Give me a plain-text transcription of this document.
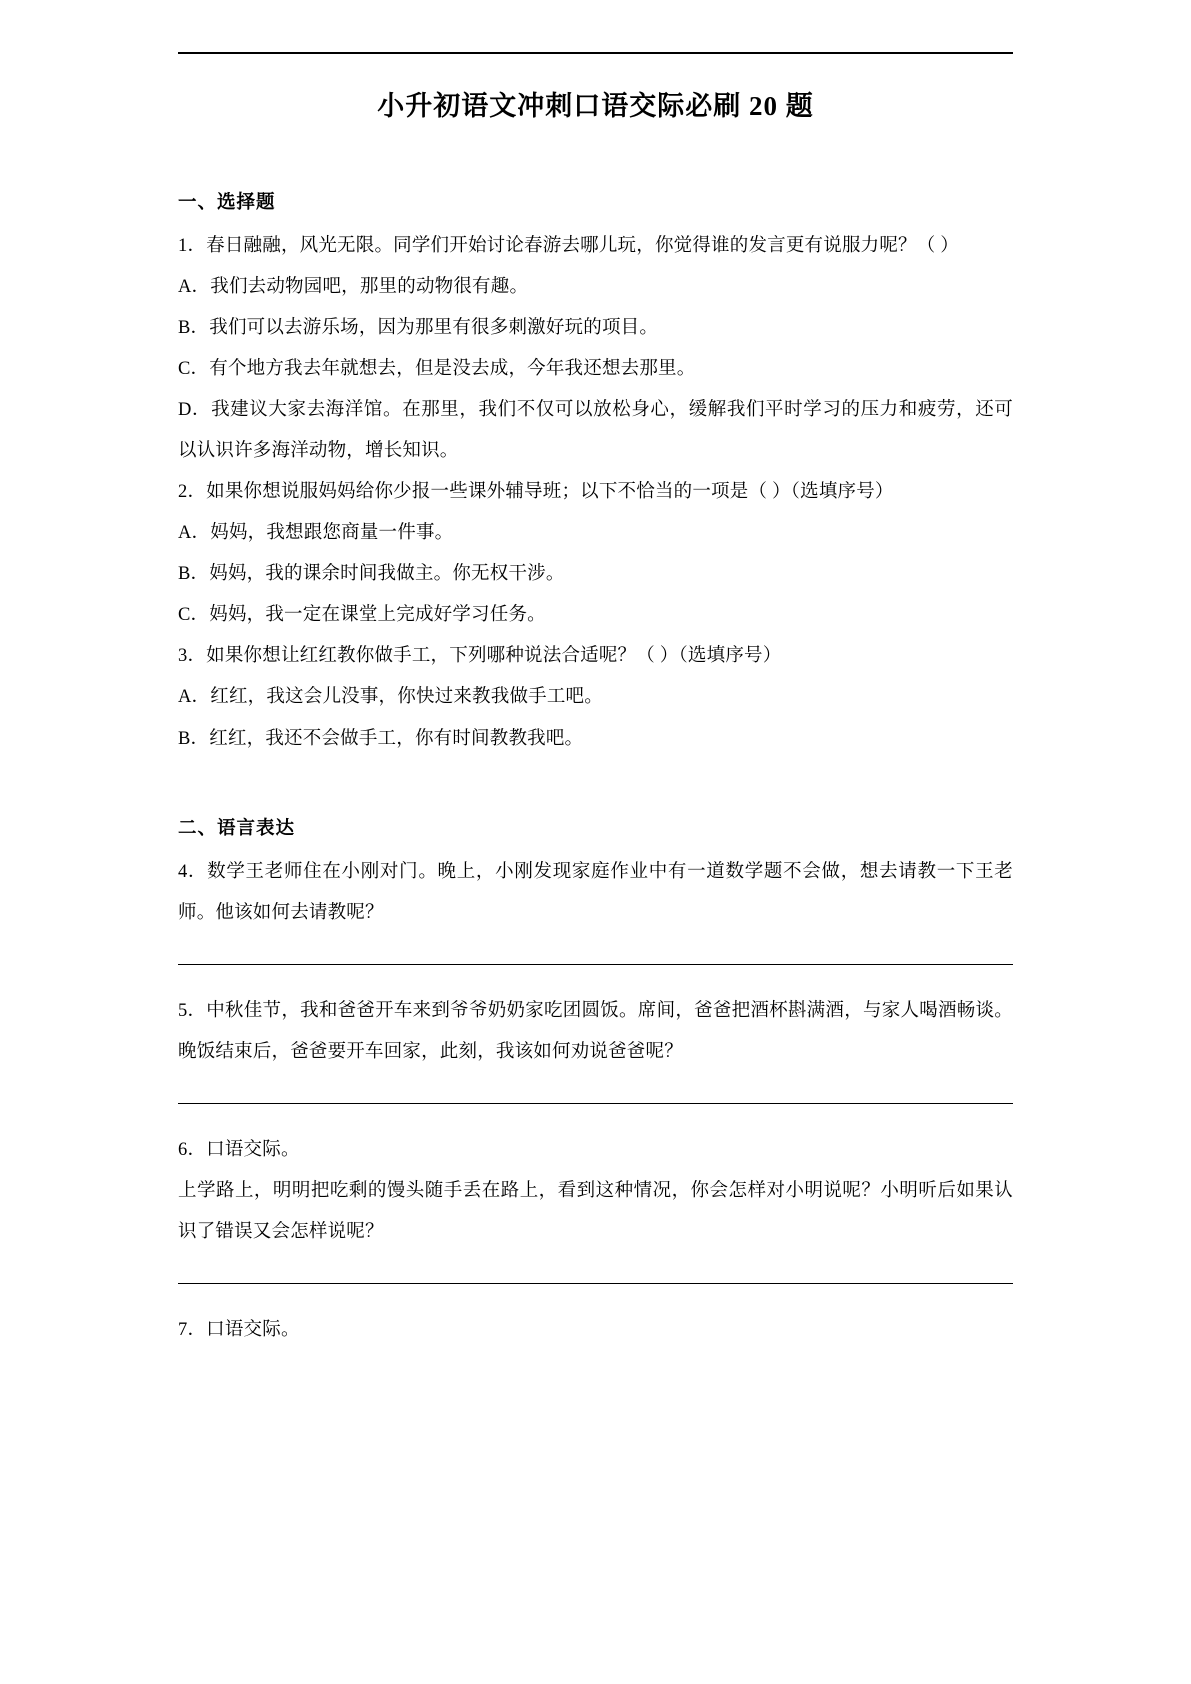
小升初语文冲刺口语交际必刷 20 题
一、选择题

1．春日融融，风光无限。同学们开始讨论春游去哪儿玩，你觉得谁的发言更有说服力呢？（ ）

A．我们去动物园吧，那里的动物很有趣。

B．我们可以去游乐场，因为那里有很多刺激好玩的项目。

C．有个地方我去年就想去，但是没去成，今年我还想去那里。

D．我建议大家去海洋馆。在那里，我们不仅可以放松身心，缓解我们平时学习的压力和疲劳，还可以认识许多海洋动物，增长知识。

2．如果你想说服妈妈给你少报一些课外辅导班；以下不恰当的一项是（ ）（选填序号）

A．妈妈，我想跟您商量一件事。

B．妈妈，我的课余时间我做主。你无权干涉。

C．妈妈，我一定在课堂上完成好学习任务。

3．如果你想让红红教你做手工，下列哪种说法合适呢？（ ）（选填序号）

A．红红，我这会儿没事，你快过来教我做手工吧。

B．红红，我还不会做手工，你有时间教教我吧。

二、语言表达

4．数学王老师住在小刚对门。晚上，小刚发现家庭作业中有一道数学题不会做，想去请教一下王老师。他该如何去请教呢？

5．中秋佳节，我和爸爸开车来到爷爷奶奶家吃团圆饭。席间，爸爸把酒杯斟满酒，与家人喝酒畅谈。晚饭结束后，爸爸要开车回家，此刻，我该如何劝说爸爸呢？

6．口语交际。

上学路上，明明把吃剩的馒头随手丢在路上，看到这种情况，你会怎样对小明说呢？小明听后如果认识了错误又会怎样说呢？

7．口语交际。
